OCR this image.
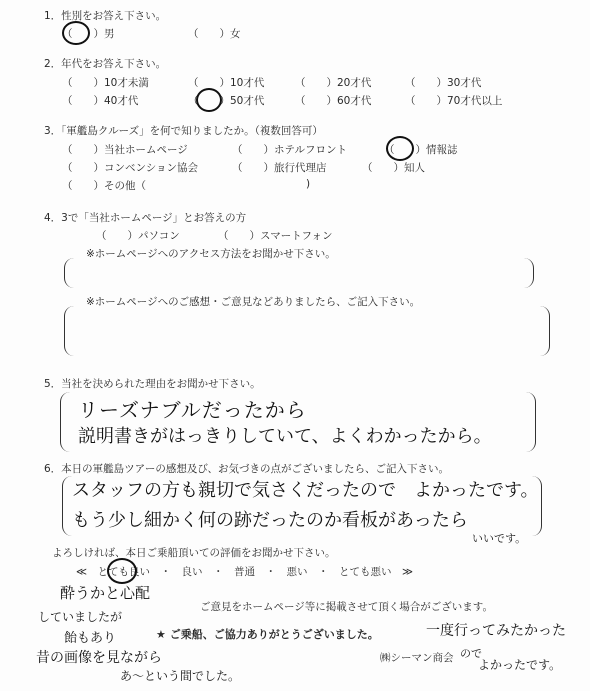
1．性別をお答え下さい。
（　　）男	（　　）女
2．年代をお答え下さい。
（　　）10才未満	（　　）10才代	（　　）20才代	（　　）30才代
（　　）40才代	（　　）50才代	（　　）60才代	（　　）70才代以上
3．「軍艦島クルーズ」を何で知りましたか。（複数回答可）
（　　）当社ホームページ	（　　）ホテルフロント	（　　）情報誌
（　　）コンベンション協会	（　　）旅行代理店	（　　）知人
（　　）その他（	)
4．3で「当社ホームページ」とお答えの方
（　　）パソコン	（　　）スマートフォン
※ホームページへのアクセス方法をお聞かせ下さい。
※ホームページへのご感想・ご意見などありましたら、ご記入下さい。
5．当社を決められた理由をお聞かせ下さい。
リーズナブルだったから
説明書きがはっきりしていて、よくわかったから。
6．本日の軍艦島ツアーの感想及び、お気づきの点がございましたら、ご記入下さい。
スタッフの方も親切で気さくだったので　よかったです。
もう少し細かく何の跡だったのか看板があったら
いいです。
よろしければ、本日ご乗船頂いての評価をお聞かせ下さい。
≪　とても良い　・　良い　・　普通　・　悪い　・　とても悪い　≫
ご意見をホームページ等に掲載させて頂く場合がございます。
★ ご乗船、ご協力ありがとうございました。
㈱シーマン商会
酔うかと心配
していましたが
飴もあり
昔の画像を見ながら
あ〜という間でした。
一度行ってみたかった
ので
よかったです。
